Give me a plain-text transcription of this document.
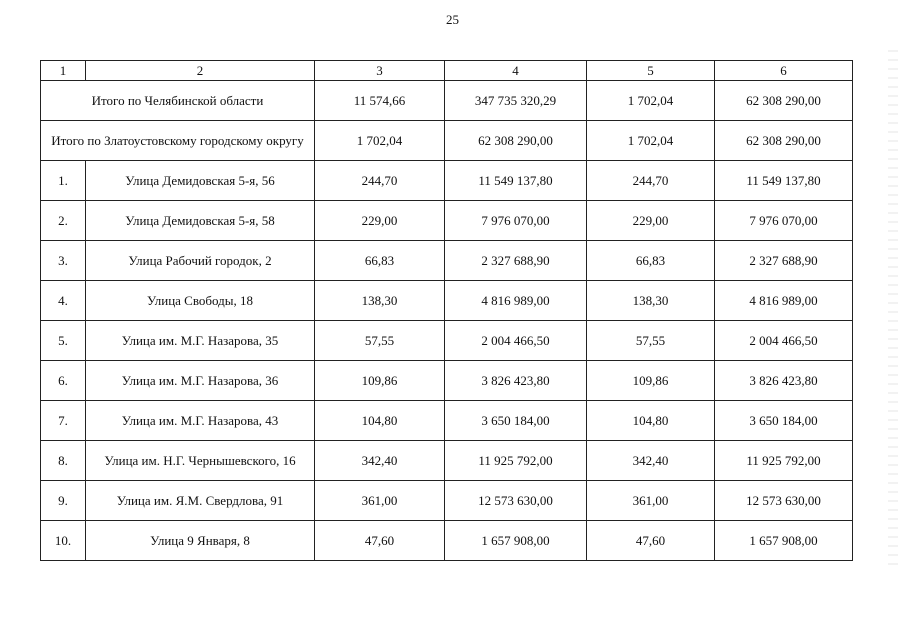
25
1	2	3	4	5	6
Итого по Челябинской области		11 574,66	347 735 320,29	1 702,04	62 308 290,00
Итого по Златоустовскому городскому округу		1 702,04	62 308 290,00	1 702,04	62 308 290,00
1.	Улица Демидовская 5-я, 56	244,70	11 549 137,80	244,70	11 549 137,80
2.	Улица Демидовская 5-я, 58	229,00	7 976 070,00	229,00	7 976 070,00
3.	Улица Рабочий городок, 2	66,83	2 327 688,90	66,83	2 327 688,90
4.	Улица Свободы, 18	138,30	4 816 989,00	138,30	4 816 989,00
5.	Улица им. М.Г. Назарова, 35	57,55	2 004 466,50	57,55	2 004 466,50
6.	Улица им. М.Г. Назарова, 36	109,86	3 826 423,80	109,86	3 826 423,80
7.	Улица им. М.Г. Назарова, 43	104,80	3 650 184,00	104,80	3 650 184,00
8.	Улица им. Н.Г. Чернышевского, 16	342,40	11 925 792,00	342,40	11 925 792,00
9.	Улица им. Я.М. Свердлова, 91	361,00	12 573 630,00	361,00	12 573 630,00
10.	Улица 9 Января, 8	47,60	1 657 908,00	47,60	1 657 908,00
